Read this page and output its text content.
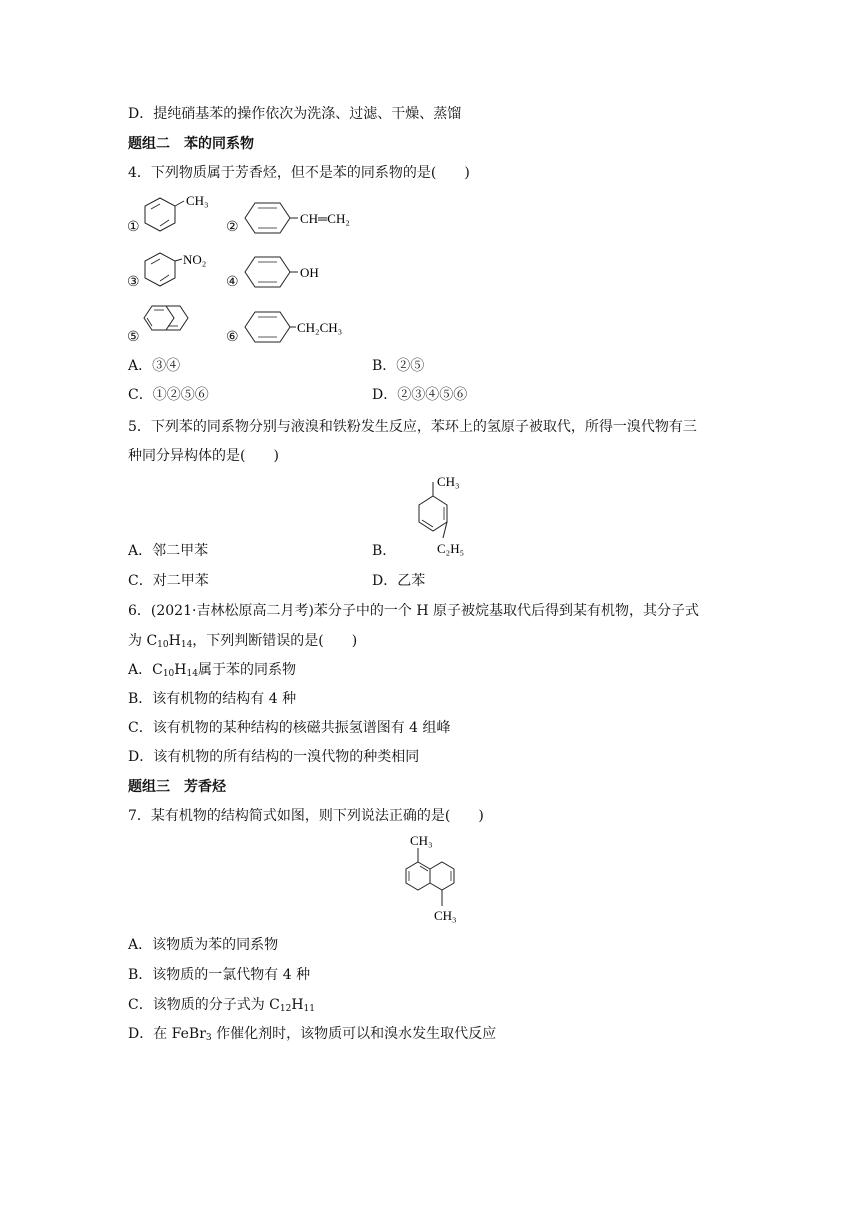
D．提纯硝基苯的操作依次为洗涤、过滤、干燥、蒸馏
题组二　苯的同系物
4．下列物质属于芳香烃，但不是苯的同系物的是(　　)
①
CH₃
②
CH═CH₂
③
NO₂
④
OH
⑤	⑥
CH₂CH₃
A．③④	B．②⑤
C．①②⑤⑥	D．②③④⑤⑥
5．下列苯的同系物分别与液溴和铁粉发生反应，苯环上的氢原子被取代，所得一溴代物有三
种同分异构体的是(　　)
CH₃
C₂H₅
A．邻二甲苯	B．
C．对二甲苯	D．乙苯
6．(2021·吉林松原高二月考)苯分子中的一个 H 原子被烷基取代后得到某有机物，其分子式
为 $C_{10}H_{14}$，下列判断错误的是(　　)
A．$C_{10}H_{14}$属于苯的同系物
B．该有机物的结构有 4 种
C．该有机物的某种结构的核磁共振氢谱图有 4 组峰
D．该有机物的所有结构的一溴代物的种类相同
题组三　芳香烃
7．某有机物的结构简式如图，则下列说法正确的是(　　)
CH₃
CH₃
A．该物质为苯的同系物
B．该物质的一氯代物有 4 种
C．该物质的分子式为 $C_{12}H_{11}$
D．在 FeBr$_3$ 作催化剂时，该物质可以和溴水发生取代反应
